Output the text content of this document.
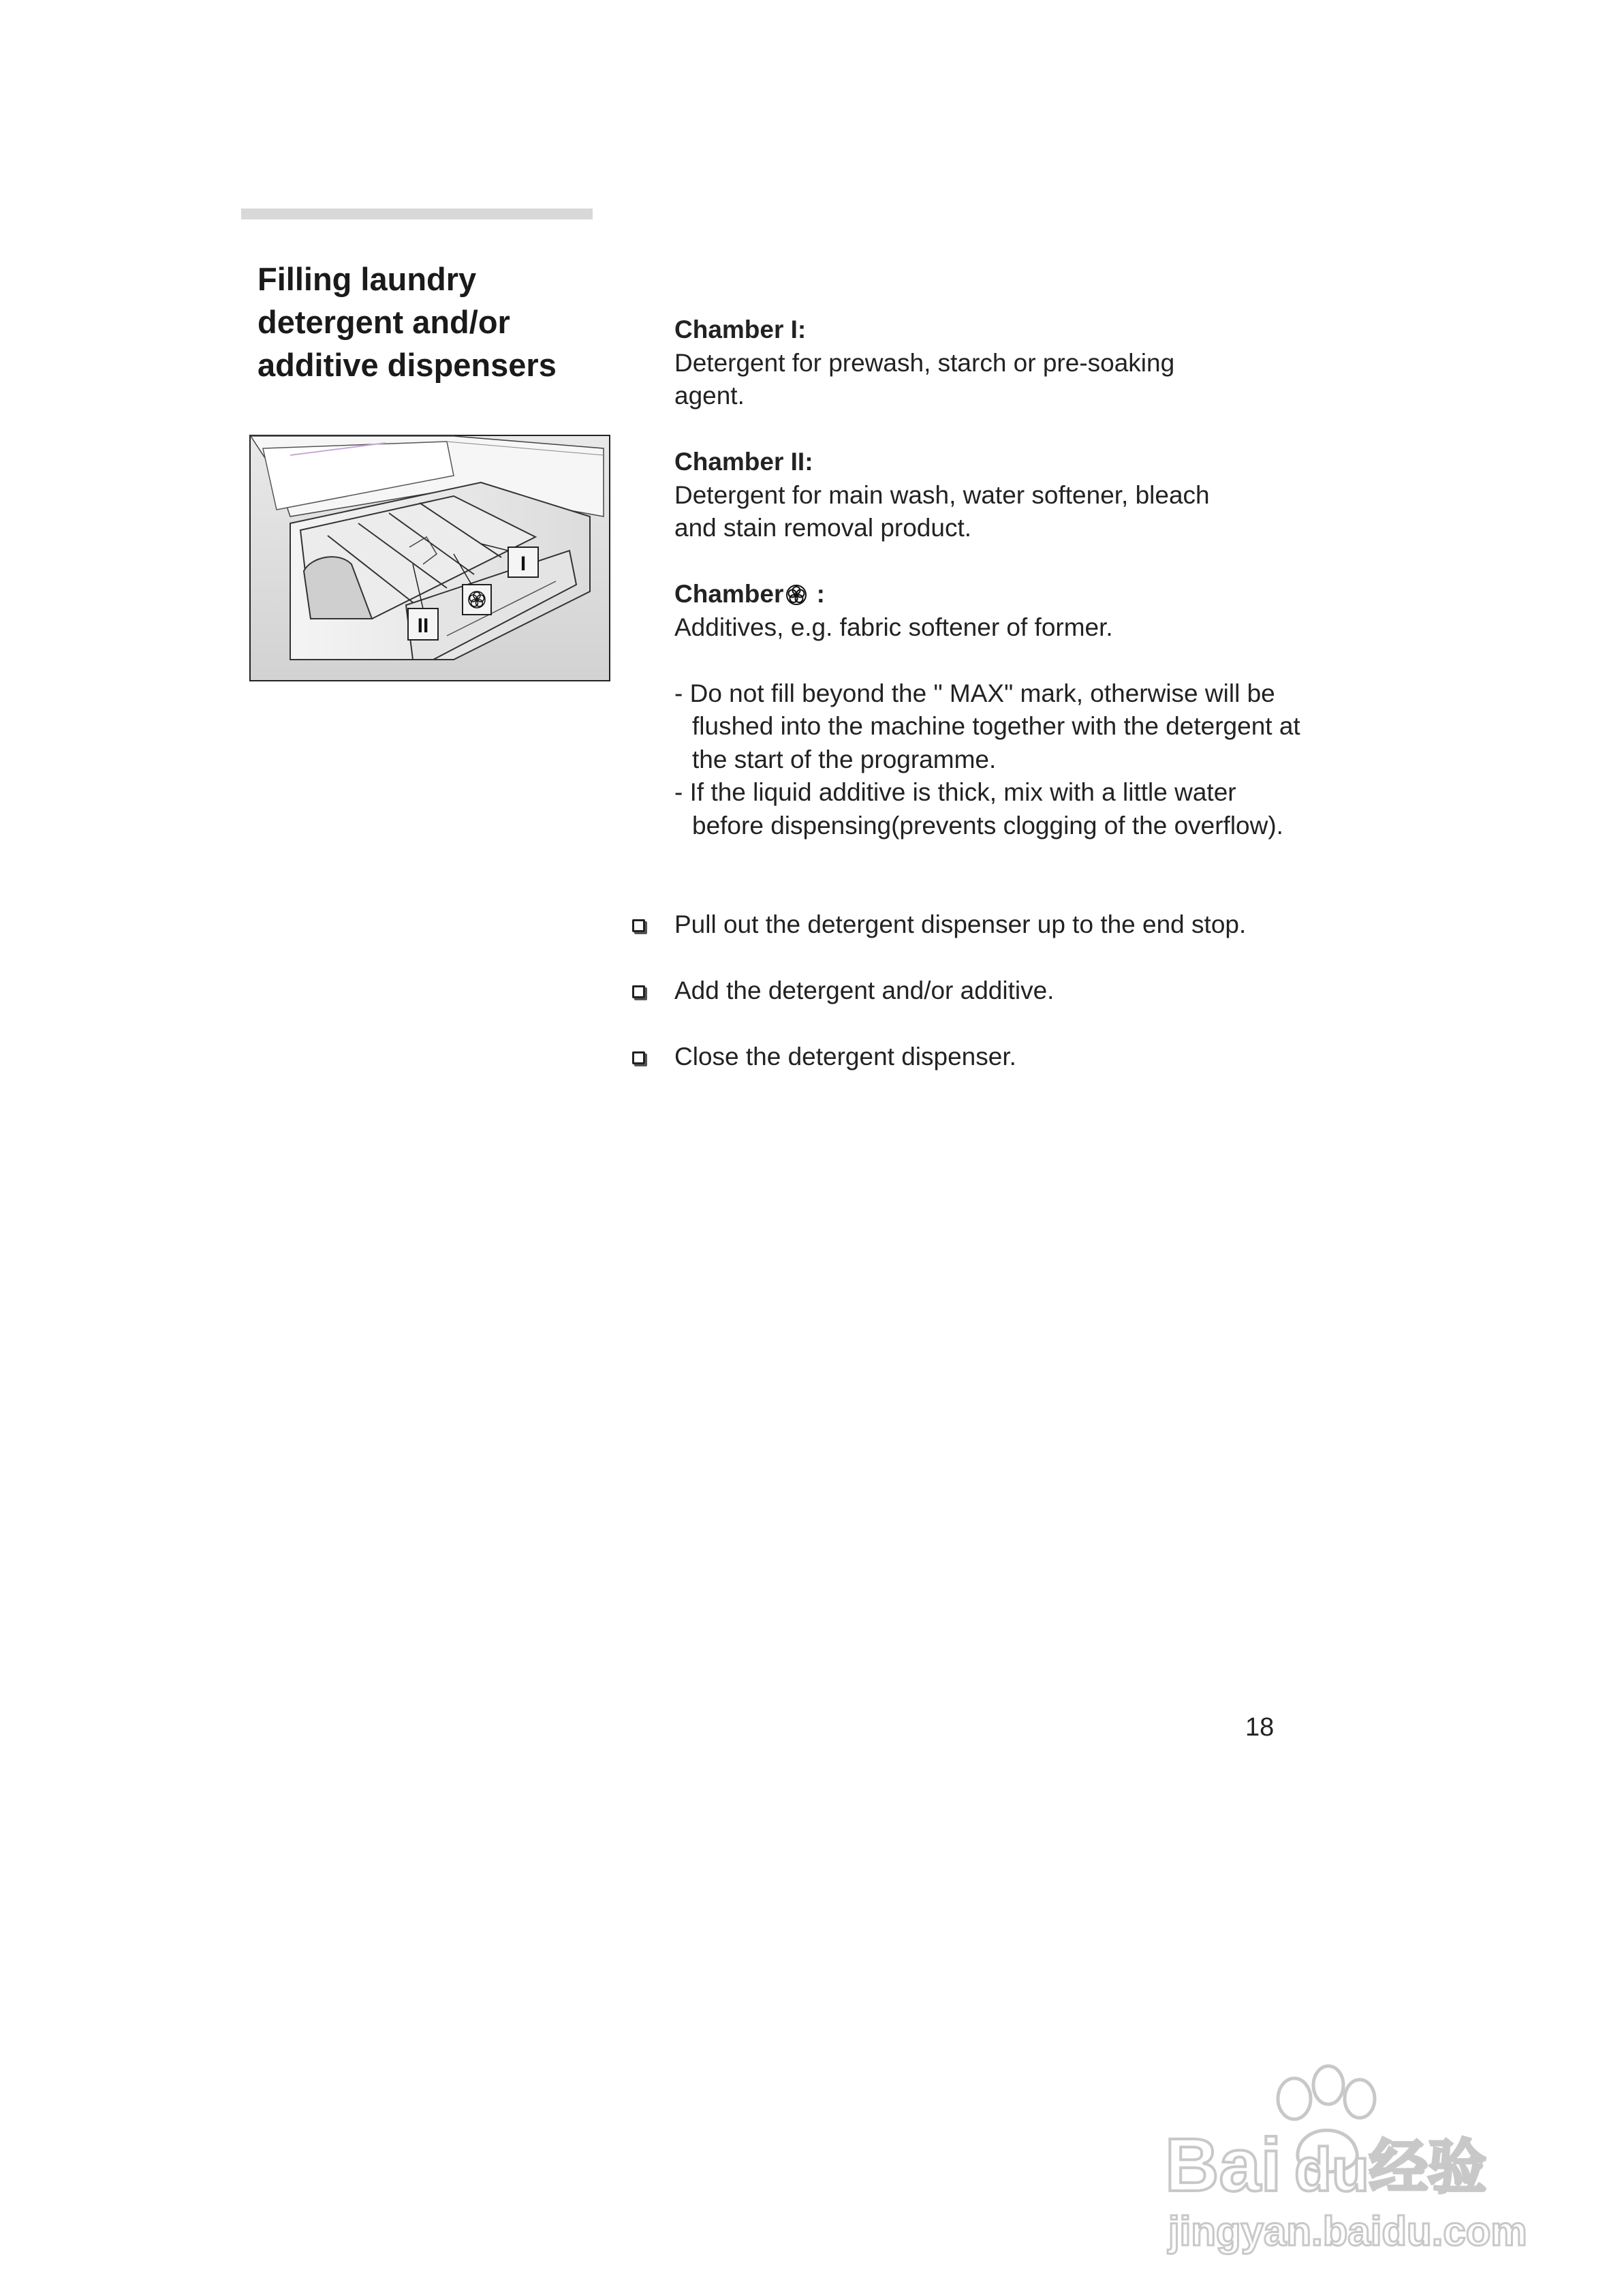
Filling laundry
detergent and/or
additive dispensers
II
I

Chamber I:

Detergent for prewash, starch or pre-soaking

agent.

Chamber II:

Detergent for main wash, water softener, bleach

and stain removal product.

Chamber :

Additives, e.g. fabric softener of former.

- Do not fill beyond the " MAX" mark, otherwise will be flushed into the machine together with the detergent at the start of the programme.

- If the liquid additive is thick, mix with a little water before dispensing(prevents clogging of the overflow).

Pull out the detergent dispenser up to the end stop.
Add the detergent and/or additive.
Close the detergent dispenser.
18
Bai du 经验
jingyan.baidu.com
